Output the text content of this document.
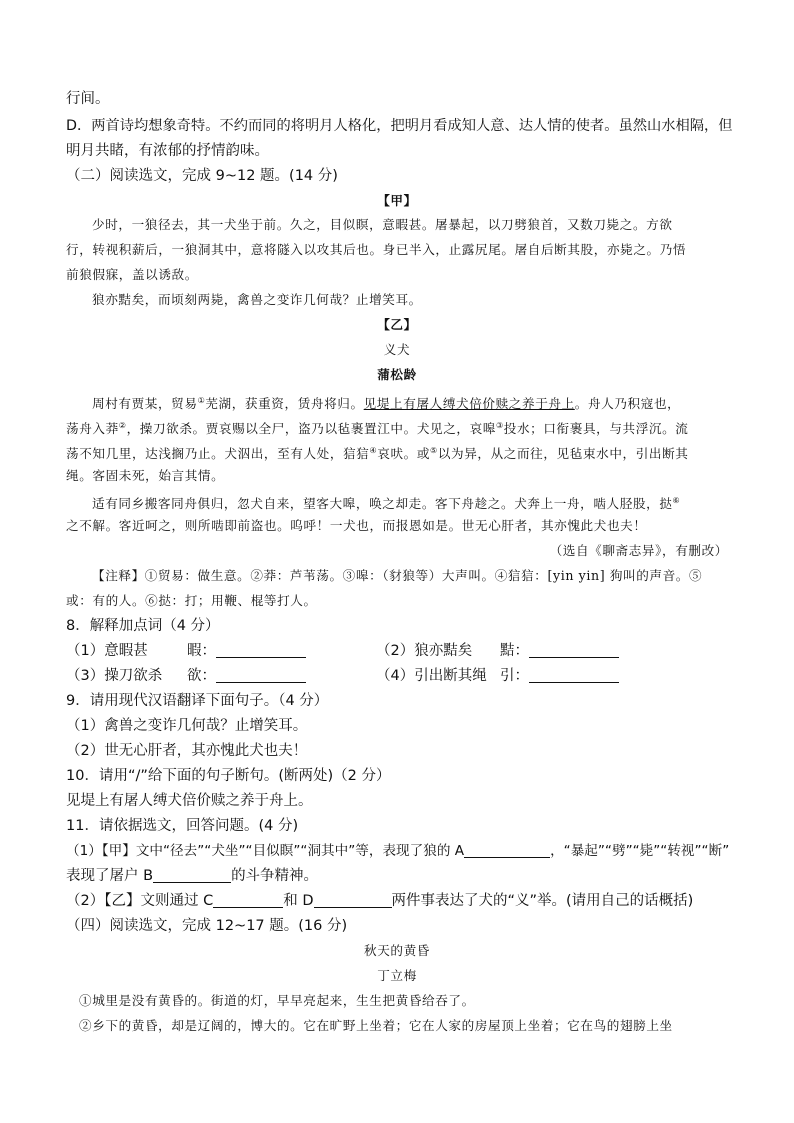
行间。
D．两首诗均想象奇特。不约而同的将明月人格化，把明月看成知人意、达人情的使者。虽然山水相隔，但
明月共睹，有浓郁的抒情韵味。
（二）阅读选文，完成 9~12 题。(14 分)
【甲】
少时，一狼径去，其一犬坐于前。久之，目似瞑，意暇甚。屠暴起，以刀劈狼首，又数刀毙之。方欲
行，转视积薪后，一狼洞其中，意将隧入以攻其后也。身已半入，止露尻尾。屠自后断其股，亦毙之。乃悟
前狼假寐，盖以诱敌。
狼亦黠矣，而顷刻两毙，禽兽之变诈几何哉？止增笑耳。
【乙】
义犬
蒲松龄
周村有贾某，贸易①芜湖，获重资，赁舟将归。见堤上有屠人缚犬倍价赎之养于舟上。舟人乃积寇也，
荡舟入莽②，操刀欲杀。贾哀赐以全尸，盗乃以毡裹置江中。犬见之，哀嗥③投水；口衔裹具，与共浮沉。流
荡不知几里，达浅搁乃止。犬泅出，至有人处，狺狺④哀吠。或⑤以为异，从之而往，见毡束水中，引出断其
绳。客固未死，始言其情。
适有同乡搬客同舟俱归，忽犬自来，望客大嗥，唤之却走。客下舟趁之。犬奔上一舟，啮人胫股，挞⑥
之不解。客近呵之，则所啮即前盗也。呜呼！一犬也，而报恩如是。世无心肝者，其亦愧此犬也夫！
（选自《聊斋志异》，有删改）
【注释】①贸易：做生意。②莽：芦苇荡。③嗥：（豺狼等）大声叫。④狺狺：[yin yin] 狗叫的声音。⑤
或：有的人。⑥挞：打；用鞭、棍等打人。
8．解释加点词（4 分）
（1）意暇甚	暇：	（2）狼亦黠矣 黠：
（3）操刀欲杀 欲：	（4）引出断其绳 引：
9．请用现代汉语翻译下面句子。（4 分）
（1）禽兽之变诈几何哉？止增笑耳。
（2）世无心肝者，其亦愧此犬也夫！
10．请用“/”给下面的句子断句。(断两处)（2 分）
见堤上有屠人缚犬倍价赎之养于舟上。
11．请依据选文，回答问题。(4 分)
（1）【甲】文中“径去”“犬坐”“目似瞑”“洞其中”等，表现了狼的 A	，“暴起”“劈”“毙”“转视”“断”
表现了屠户 B	的斗争精神。
（2）【乙】文则通过 C	和 D	两件事表达了犬的“义”举。(请用自己的话概括)
（四）阅读选文，完成 12~17 题。(16 分)
秋天的黄昏
丁立梅
①城里是没有黄昏的。街道的灯，早早亮起来，生生把黄昏给吞了。
②乡下的黄昏，却是辽阔的，博大的。它在旷野上坐着；它在人家的房屋顶上坐着；它在鸟的翅膀上坐
